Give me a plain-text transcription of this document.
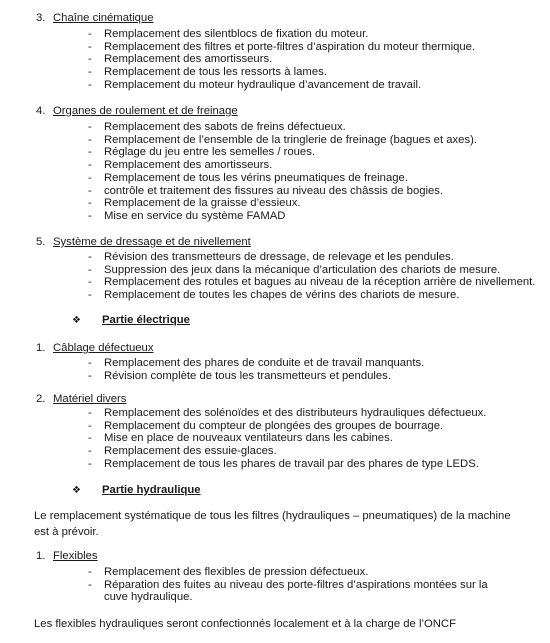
3. Chaîne cinématique
- Remplacement des silentblocs de fixation du moteur.
- Remplacement des filtres et porte-filtres d’aspiration du moteur thermique.
- Remplacement des amortisseurs.
- Remplacement de tous les ressorts à lames.
- Remplacement du moteur hydraulique d’avancement de travail.
4. Organes de roulement et de freinage
- Remplacement des sabots de freins défectueux.
- Remplacement de l’ensemble de la tringlerie de freinage (bagues et axes).
- Réglage du jeu entre les semelles / roues.
- Remplacement des amortisseurs.
- Remplacement de tous les vérins pneumatiques de freinage.
- contrôle et traitement des fissures au niveau des châssis de bogies.
- Remplacement de la graisse d’essieux.
- Mise en service du système FAMAD
5. Système de dressage et de nivellement
- Révision des transmetteurs de dressage, de relevage et les pendules.
- Suppression des jeux dans la mécanique d’articulation des chariots de mesure.
- Remplacement des rotules et bagues au niveau de la réception arrière de nivellement.
- Remplacement de toutes les chapes de vérins des chariots de mesure.
❖ Partie électrique
1. Câblage défectueux
- Remplacement des phares de conduite et de travail manquants.
- Révision complète de tous les transmetteurs et pendules.
2. Matériel divers
- Remplacement des solénoïdes et des distributeurs hydrauliques défectueux.
- Remplacement du compteur de plongées des groupes de bourrage.
- Mise en place de nouveaux ventilateurs dans les cabines.
- Remplacement des essuie-glaces.
- Remplacement de tous les phares de travail par des phares de type LEDS.
❖ Partie hydraulique
Le remplacement systématique de tous les filtres (hydrauliques – pneumatiques) de la machine est à prévoir.
1. Flexibles
- Remplacement des flexibles de pression défectueux.
- Réparation des fuites au niveau des porte-filtres d’aspirations montées sur la cuve hydraulique.
Les flexibles hydrauliques seront confectionnés localement et à la charge de l’ONCF
